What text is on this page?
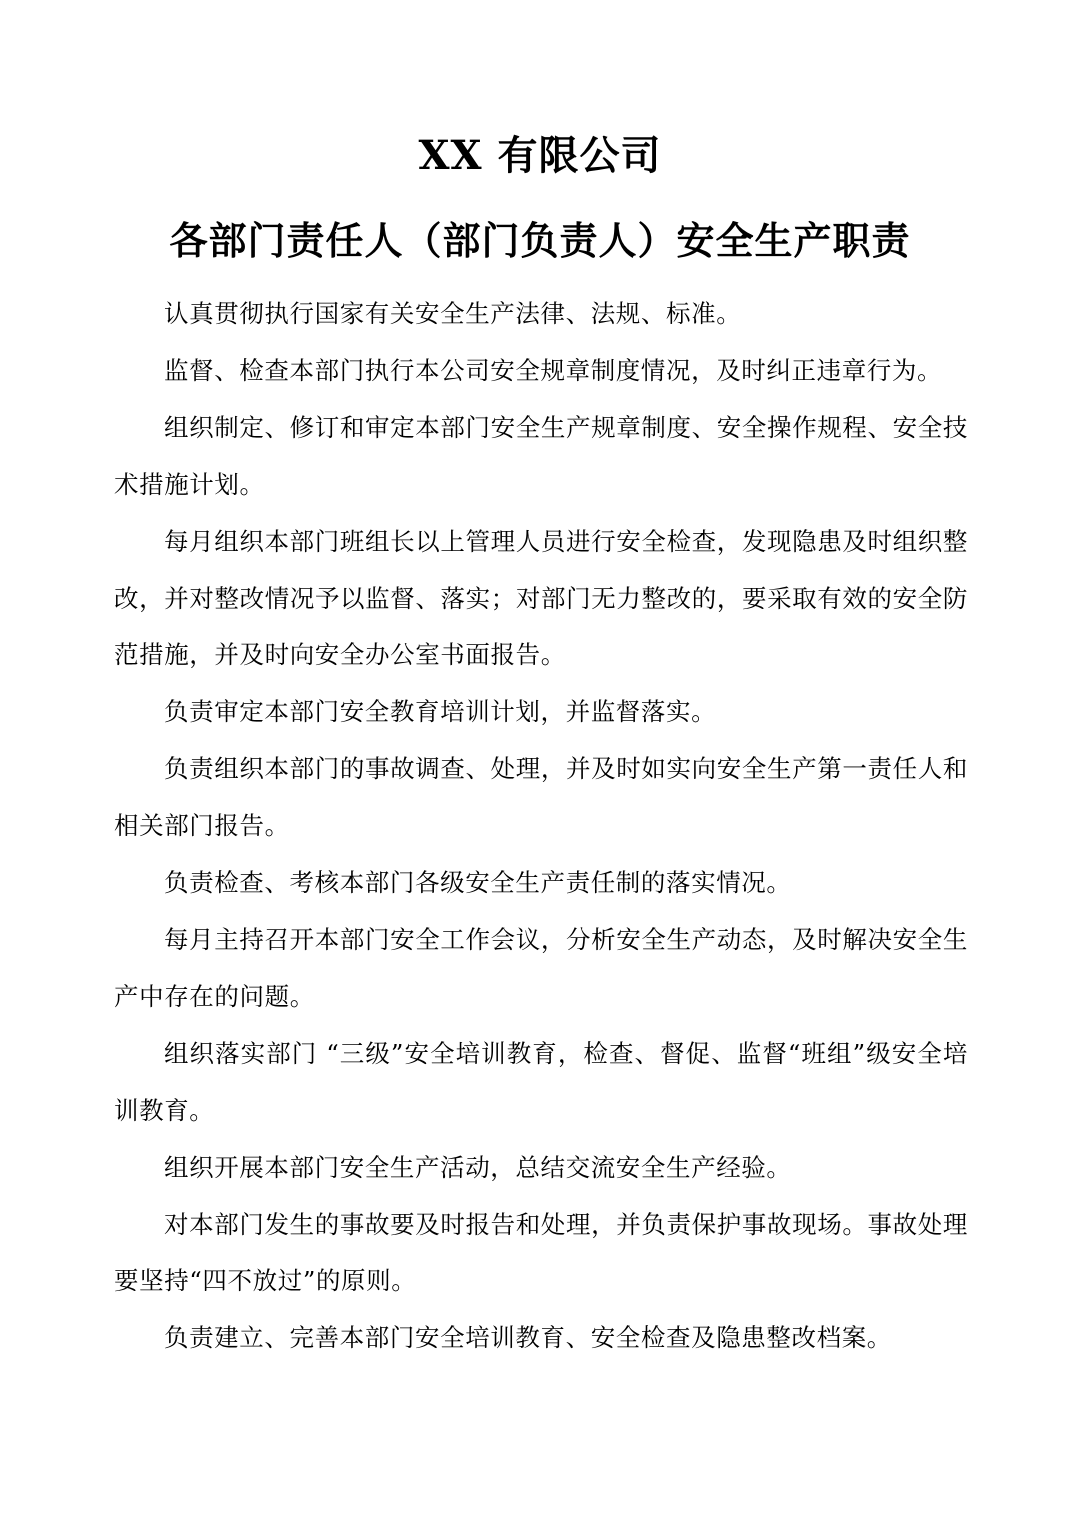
XX 有限公司
各部门责任人（部门负责人）安全生产职责

认真贯彻执行国家有关安全生产法律、法规、标准。

监督、检查本部门执行本公司安全规章制度情况，及时纠正违章行为。

组织制定、修订和审定本部门安全生产规章制度、安全操作规程、安全技术措施计划。

每月组织本部门班组长以上管理人员进行安全检查，发现隐患及时组织整改，并对整改情况予以监督、落实；对部门无力整改的，要采取有效的安全防范措施，并及时向安全办公室书面报告。

负责审定本部门安全教育培训计划，并监督落实。

负责组织本部门的事故调查、处理，并及时如实向安全生产第一责任人和相关部门报告。

负责检查、考核本部门各级安全生产责任制的落实情况。

每月主持召开本部门安全工作会议，分析安全生产动态，及时解决安全生产中存在的问题。

组织落实部门 “三级”安全培训教育，检查、督促、监督“班组”级安全培训教育。

组织开展本部门安全生产活动，总结交流安全生产经验。

对本部门发生的事故要及时报告和处理，并负责保护事故现场。事故处理要坚持“四不放过”的原则。

负责建立、完善本部门安全培训教育、安全检查及隐患整改档案。
